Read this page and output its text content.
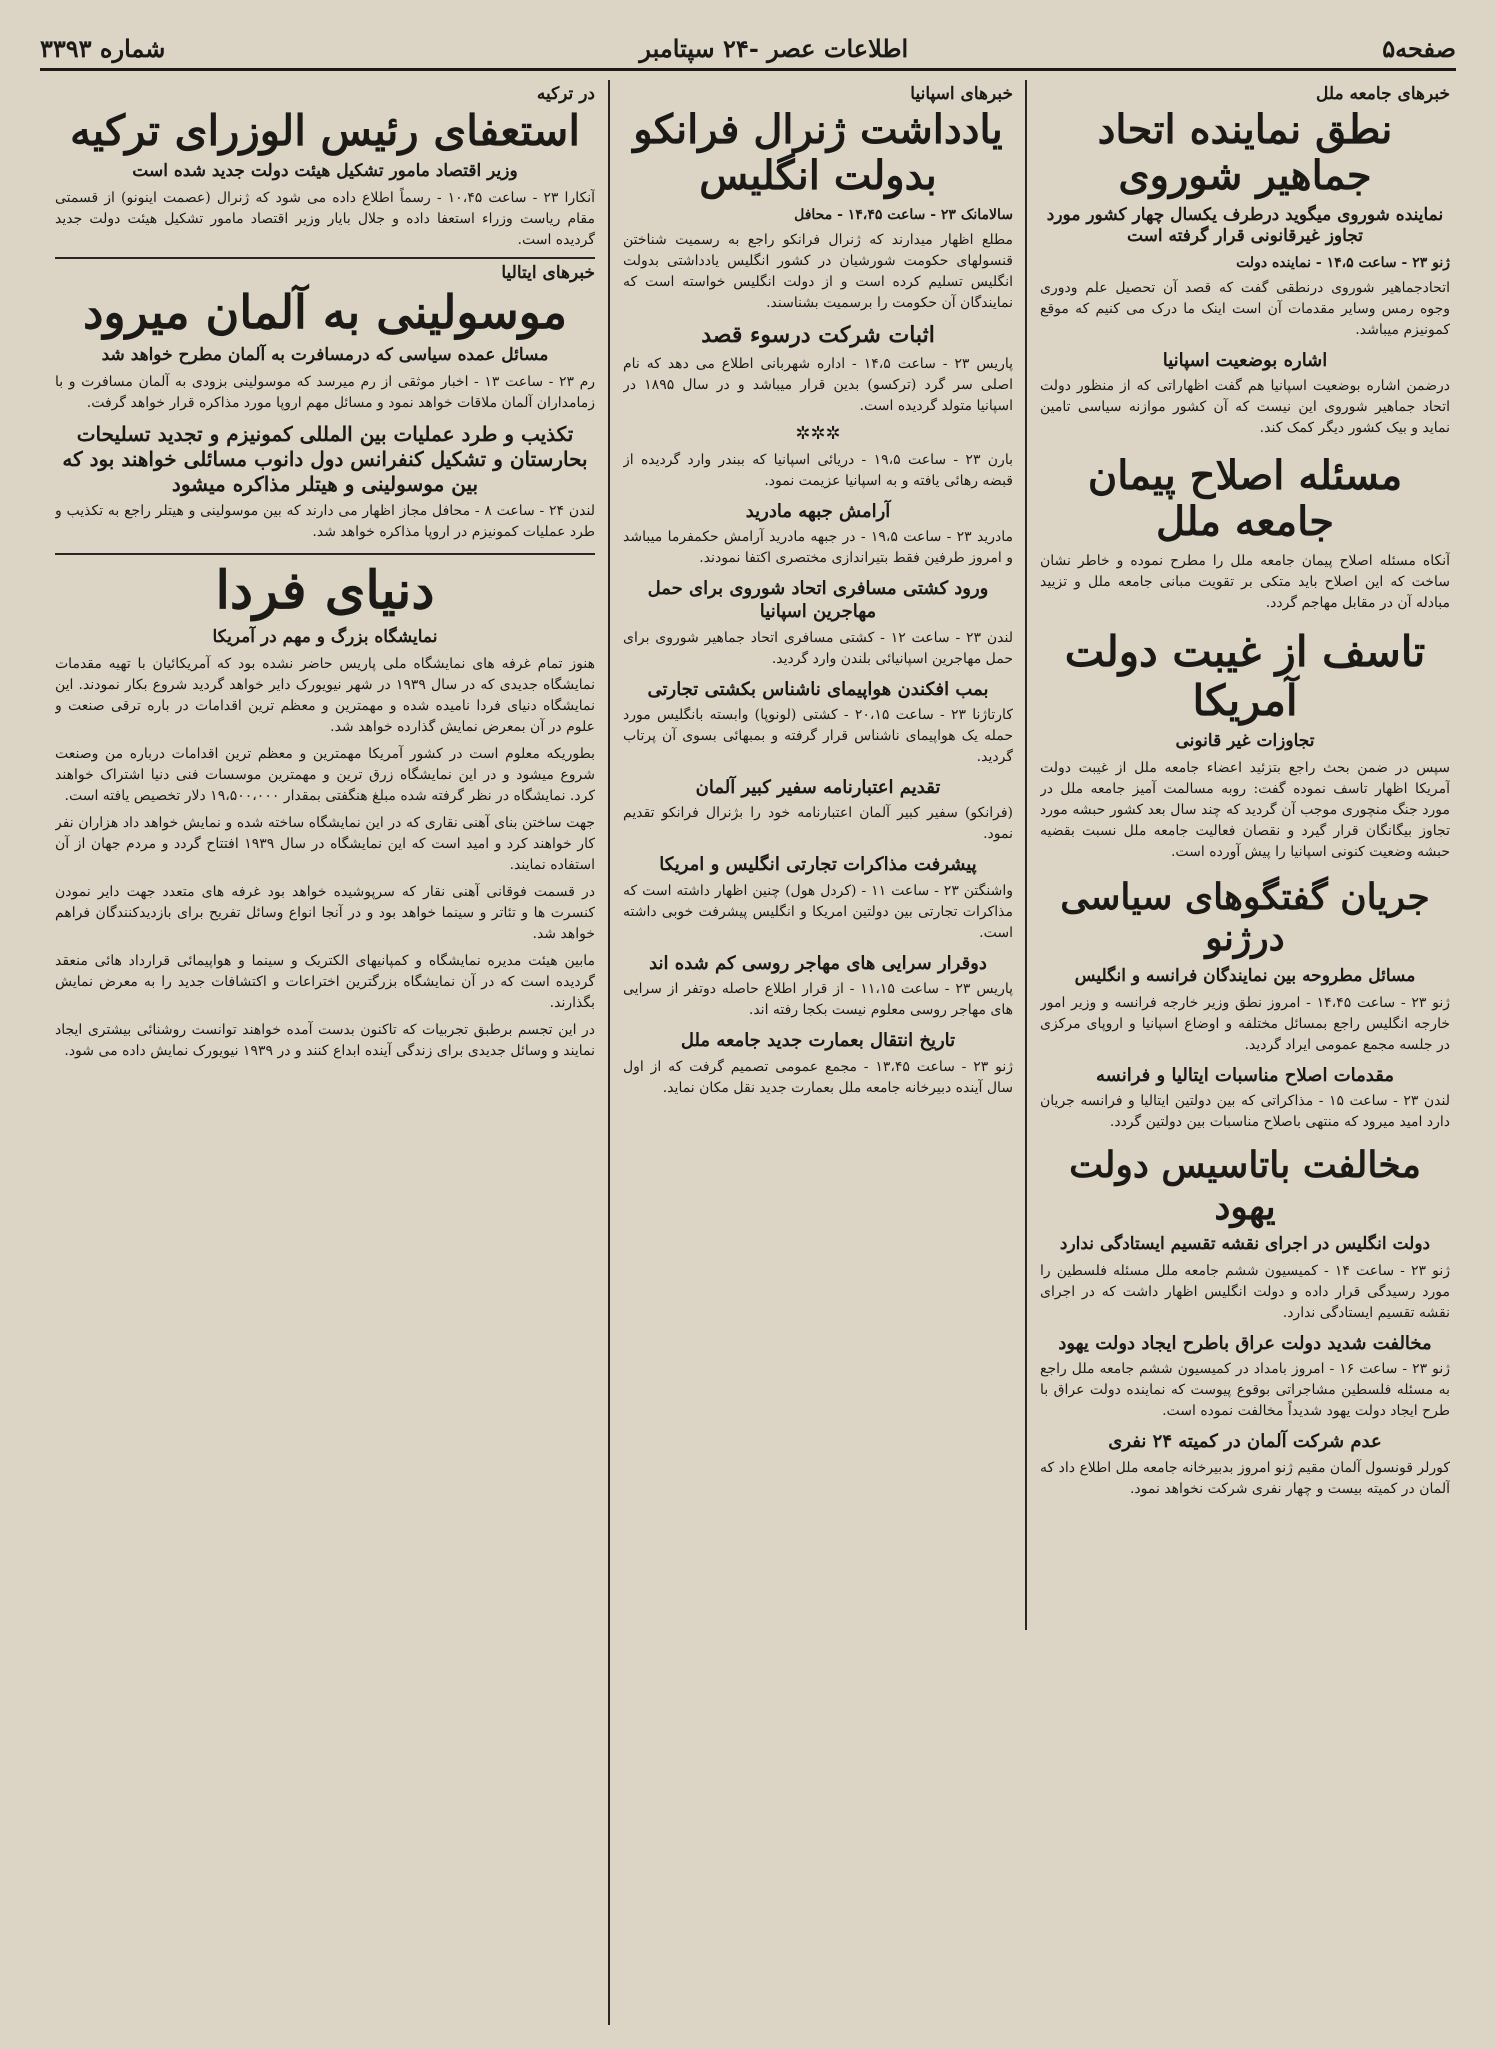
صفحه۵
اطلاعات عصر -۲۴ سپتامبر
شماره ۳۳۹۳
خبرهای جامعه ملل
نطق نماینده اتحاد جماهیر شوروی
نماینده شوروی میگوید درطرف یکسال چهار کشور مورد تجاوز غیرقانونی قرار گرفته است
ژنو ۲۳ - ساعت ۱۴،۵ - نماینده دولت

اتحادجماهیر شوروی درنطقی گفت که قصد آن تحصیل علم ودوری وجوه رمس وسایر مقدمات آن است اینک ما درک می کنیم که موقع کمونیزم میباشد.

اشاره بوضعیت اسپانیا

درضمن اشاره بوضعیت اسپانیا هم گفت اظهاراتی که از منظور دولت اتحاد جماهیر شوروی این نیست که آن کشور موازنه سیاسی تامین نماید و بیک کشور دیگر کمک کند.

مسئله اصلاح پیمان جامعه ملل

آنکاه مسئله اصلاح پیمان جامعه ملل را مطرح نموده و خاطر نشان ساخت که این اصلاح باید متکی بر تقویت مبانی جامعه ملل و تزیید مبادله آن در مقابل مهاجم گردد.

تاسف از غیبت دولت آمریکا
تجاوزات غیر قانونی

سپس در ضمن بحث راجع بتزئید اعضاء جامعه ملل از غیبت دولت آمریکا اظهار تاسف نموده گفت: روبه مسالمت آمیز جامعه ملل در مورد جنگ منچوری موجب آن گردید که چند سال بعد کشور حبشه مورد تجاوز بیگانگان قرار گیرد و نقصان فعالیت جامعه ملل نسبت بقضیه حبشه وضعیت کنونی اسپانیا را پیش آورده است.

جریان گفتگوهای سیاسی درژنو
مسائل مطروحه بین نمایندگان فرانسه و انگلیس

ژنو ۲۳ - ساعت ۱۴،۴۵ - امروز نطق وزیر خارجه فرانسه و وزیر امور خارجه انگلیس راجع بمسائل مختلفه و اوضاع اسپانیا و اروپای مرکزی در جلسه مجمع عمومی ایراد گردید.

مقدمات اصلاح مناسبات ایتالیا و فرانسه

لندن ۲۳ - ساعت ۱۵ - مذاکراتی که بین دولتین ایتالیا و فرانسه جریان دارد امید میرود که منتهی باصلاح مناسبات بین دولتین گردد.

مخالفت باتاسیس دولت یهود
دولت انگلیس در اجرای نقشه تقسیم ایستادگی ندارد

ژنو ۲۳ - ساعت ۱۴ - کمیسیون ششم جامعه ملل مسئله فلسطین را مورد رسیدگی قرار داده و دولت انگلیس اظهار داشت که در اجرای نقشه تقسیم ایستادگی ندارد.

مخالفت شدید دولت عراق باطرح ایجاد دولت یهود

ژنو ۲۳ - ساعت ۱۶ - امروز بامداد در کمیسیون ششم جامعه ملل راجع به مسئله فلسطین مشاجراتی بوقوع پیوست که نماینده دولت عراق با طرح ایجاد دولت یهود شدیداً مخالفت نموده است.

عدم شرکت آلمان در کمیته ۲۴ نفری

کورلر قونسول آلمان مقیم ژنو امروز بدبیرخانه جامعه ملل اطلاع داد که آلمان در کمیته بیست و چهار نفری شرکت نخواهد نمود.

خبرهای اسپانیا
یادداشت ژنرال فرانکو بدولت انگلیس
سالامانک ۲۳ - ساعت ۱۴،۴۵ - محافل

مطلع اظهار میدارند که ژنرال فرانکو راجع به رسمیت شناختن قنسولهای حکومت شورشیان در کشور انگلیس یادداشتی بدولت انگلیس تسلیم کرده است و از دولت انگلیس خواسته است که نمایندگان آن حکومت را برسمیت بشناسند.

اثبات شرکت درسوء قصد

پاریس ۲۳ - ساعت ۱۴،۵ - اداره شهربانی اطلاع می دهد که نام اصلی سر گرد (ترکسو) بدین قرار میباشد و در سال ۱۸۹۵ در اسپانیا متولد گردیده است.

✲✲✲

بارن ۲۳ - ساعت ۱۹،۵ - دریائی اسپانیا که ببندر وارد گردیده از قبضه رهائی یافته و به اسپانیا عزیمت نمود.

آرامش جبهه مادرید

مادرید ۲۳ - ساعت ۱۹،۵ - در جبهه مادرید آرامش حکمفرما میباشد و امروز طرفین فقط بتیراندازی مختصری اکتفا نمودند.

ورود کشتی مسافری اتحاد شوروی برای حمل مهاجرین اسپانیا

لندن ۲۳ - ساعت ۱۲ - کشتی مسافری اتحاد جماهیر شوروی برای حمل مهاجرین اسپانیائی بلندن وارد گردید.

بمب افکندن هواپیمای ناشناس بکشتی تجارتی

کارتاژنا ۲۳ - ساعت ۲۰،۱۵ - کشتی (لونوپا) وابسته بانگلیس مورد حمله یک هواپیمای ناشناس قرار گرفته و بمبهائی بسوی آن پرتاب گردید.

تقدیم اعتبارنامه سفیر کبیر آلمان

(فرانکو) سفیر کبیر آلمان اعتبارنامه خود را بژنرال فرانکو تقدیم نمود.

پیشرفت مذاکرات تجارتی انگلیس و امریکا

واشنگتن ۲۳ - ساعت ۱۱ - (کردل هول) چنین اظهار داشته است که مذاکرات تجارتی بین دولتین امریکا و انگلیس پیشرفت خوبی داشته است.

دوقرار سرایی های مهاجر روسی کم شده اند

پاریس ۲۳ - ساعت ۱۱،۱۵ - از قرار اطلاع حاصله دوتفر از سرایی های مهاجر روسی معلوم نیست بکجا رفته اند.

تاریخ انتقال بعمارت جدید جامعه ملل

ژنو ۲۳ - ساعت ۱۳،۴۵ - مجمع عمومی تصمیم گرفت که از اول سال آینده دبیرخانه جامعه ملل بعمارت جدید نقل مکان نماید.

در ترکیه
استعفای رئیس الوزرای ترکیه
وزیر اقتصاد مامور تشکیل هیئت دولت جدید شده است

آنکارا ۲۳ - ساعت ۱۰،۴۵ - رسماً اطلاع داده می شود که ژنرال (عصمت اینونو) از قسمتی مقام ریاست وزراء استعفا داده و جلال بایار وزیر اقتصاد مامور تشکیل هیئت دولت جدید گردیده است.

خبرهای ایتالیا
موسولینی به آلمان میرود
مسائل عمده سیاسی که درمسافرت به آلمان مطرح خواهد شد

رم ۲۳ - ساعت ۱۳ - اخبار موثقی از رم میرسد که موسولینی بزودی به آلمان مسافرت و با زمامداران آلمان ملاقات خواهد نمود و مسائل مهم اروپا مورد مذاکره قرار خواهد گرفت.

تکذیب و طرد عملیات بین المللی کمونیزم و تجدید تسلیحات بحارستان و تشکیل کنفرانس دول دانوب مسائلی خواهند بود که بین موسولینی و هیتلر مذاکره میشود

لندن ۲۴ - ساعت ۸ - محافل مجاز اظهار می دارند که بین موسولینی و هیتلر راجع به تکذیب و طرد عملیات کمونیزم در اروپا مذاکره خواهد شد.

دنیای فردا
نمایشگاه بزرگ و مهم در آمریکا

هنوز تمام غرفه های نمایشگاه ملی پاریس حاضر نشده بود که آمریکائیان با تهیه مقدمات نمایشگاه جدیدی که در سال ۱۹۳۹ در شهر نیویورک دایر خواهد گردید شروع بکار نمودند. این نمایشگاه دنیای فردا نامیده شده و مهمترین و معظم ترین اقدامات در باره ترقی صنعت و علوم در آن بمعرض نمایش گذارده خواهد شد.

بطوریکه معلوم است در کشور آمریکا مهمترین و معظم ترین اقدامات درباره من وصنعت شروع میشود و در این نمایشگاه زرق ترین و مهمترین موسسات فنی دنیا اشتراک خواهند کرد. نمایشگاه در نظر گرفته شده مبلغ هنگفتی بمقدار ۱۹،۵۰۰،۰۰۰ دلار تخصیص یافته است.

جهت ساختن بنای آهنی نقاری که در این نمایشگاه ساخته شده و نمایش خواهد داد هزاران نفر کار خواهند کرد و امید است که این نمایشگاه در سال ۱۹۳۹ افتتاح گردد و مردم جهان از آن استفاده نمایند.

در قسمت فوقانی آهنی نقار که سرپوشیده خواهد بود غرفه های متعدد جهت دایر نمودن کنسرت ها و تئاتر و سینما خواهد بود و در آنجا انواع وسائل تفریح برای بازدیدکنندگان فراهم خواهد شد.

مابین هیئت مدیره نمایشگاه و کمپانیهای الکتریک و سینما و هواپیمائی قرارداد هائی منعقد گردیده است که در آن نمایشگاه بزرگترین اختراعات و اکتشافات جدید را به معرض نمایش بگذارند.

در این تجسم برطبق تجربیات که تاکنون بدست آمده خواهند توانست روشنائی بیشتری ایجاد نمایند و وسائل جدیدی برای زندگی آینده ابداع کنند و در ۱۹۳۹ نیویورک نمایش داده می شود.
